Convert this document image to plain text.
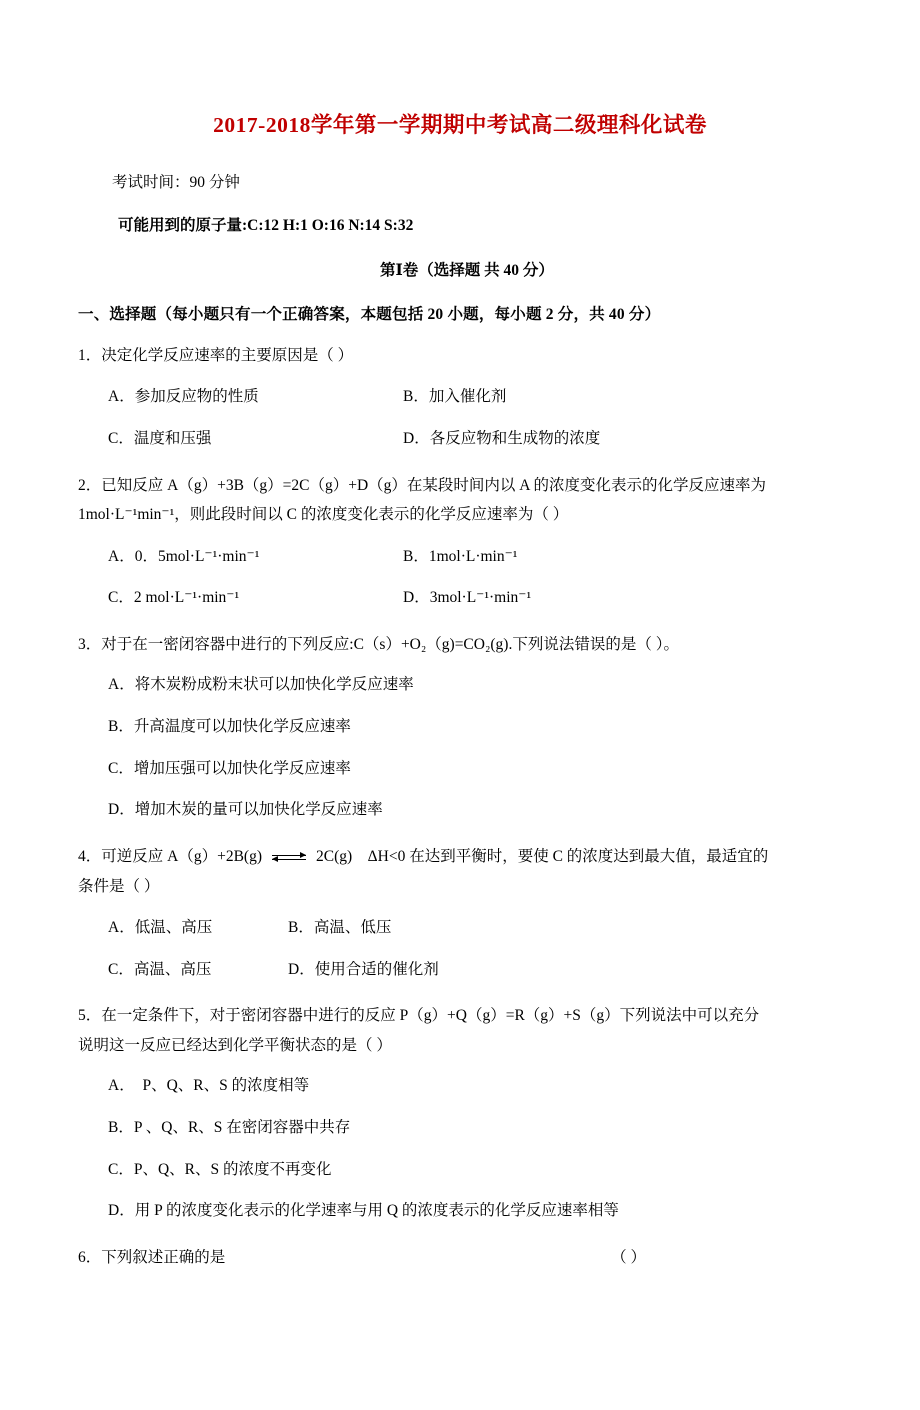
2017-2018学年第一学期期中考试高二级理科化试卷
考试时间：90 分钟
可能用到的原子量:C:12 H:1 O:16 N:14 S:32
第Ⅰ卷（选择题 共 40 分）
一、选择题（每小题只有一个正确答案，本题包括 20 小题，每小题 2 分，共 40 分）
1．决定化学反应速率的主要原因是（ ）
A．参加反应物的性质	B．加入催化剂
C．温度和压强	D．各反应物和生成物的浓度
2．已知反应 A（g）+3B（g）=2C（g）+D（g）在某段时间内以 A 的浓度变化表示的化学反应速率为
1mol·L⁻¹min⁻¹，则此段时间以 C 的浓度变化表示的化学反应速率为（ ）
A．0．5mol·L⁻¹·min⁻¹	B．1mol·L·min⁻¹
C．2 mol·L⁻¹·min⁻¹	D．3mol·L⁻¹·min⁻¹
3．对于在一密闭容器中进行的下列反应:C（s）+O₂（g)=CO₂(g).下列说法错误的是（ ）。
A．将木炭粉成粉末状可以加快化学反应速率
B．升高温度可以加快化学反应速率
C．增加压强可以加快化学反应速率
D．增加木炭的量可以加快化学反应速率
4．可逆反应 A（g）+2B(g)	2C(g)　ΔH<0 在达到平衡时，要使 C 的浓度达到最大值，最适宜的
条件是（ ）
A．低温、高压	B．高温、低压
C．高温、高压	D．使用合适的催化剂
5．在一定条件下，对于密闭容器中进行的反应 P（g）+Q（g）=R（g）+S（g）下列说法中可以充分
说明这一反应已经达到化学平衡状态的是（ ）
A．　P、Q、R、S 的浓度相等
B．P 、Q、R、S 在密闭容器中共存
C．P、Q、R、S 的浓度不再变化
D．用 P 的浓度变化表示的化学速率与用 Q 的浓度表示的化学反应速率相等
6．下列叙述正确的是	（ ）
